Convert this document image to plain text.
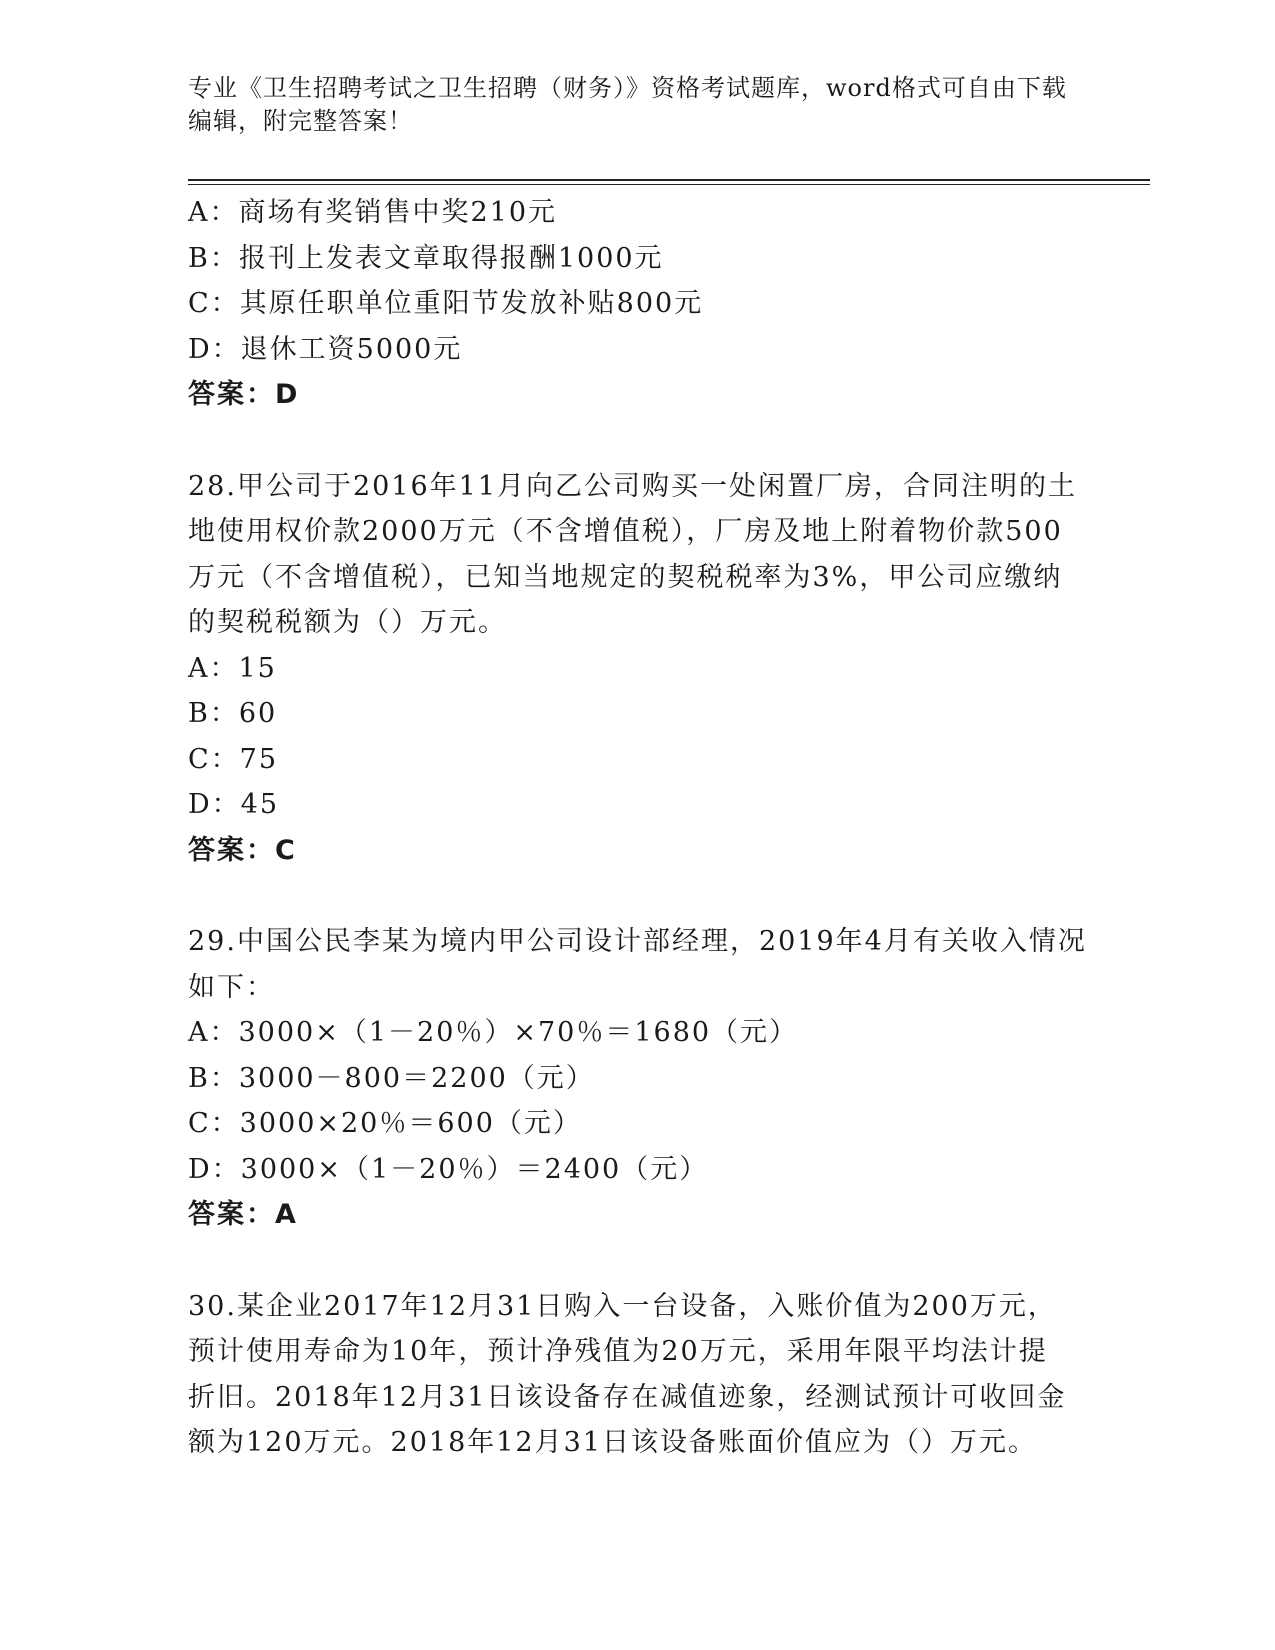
专业《卫生招聘考试之卫生招聘（财务）》资格考试题库，word格式可自由下载
编辑，附完整答案！
A：商场有奖销售中奖210元
B：报刊上发表文章取得报酬1000元
C：其原任职单位重阳节发放补贴800元
D：退休工资5000元
答案：D
28.甲公司于2016年11月向乙公司购买一处闲置厂房，合同注明的土
地使用权价款2000万元（不含增值税），厂房及地上附着物价款500
万元（不含增值税），已知当地规定的契税税率为3%，甲公司应缴纳
的契税税额为（）万元。
A：15
B：60
C：75
D：45
答案：C
29.中国公民李某为境内甲公司设计部经理，2019年4月有关收入情况
如下：
A：3000×（1－20％）×70％＝1680（元）
B：3000－800＝2200（元）
C：3000×20％＝600（元）
D：3000×（1－20％）＝2400（元）
答案：A
30.某企业2017年12月31日购入一台设备，入账价值为200万元，
预计使用寿命为10年，预计净残值为20万元，采用年限平均法计提
折旧。2018年12月31日该设备存在减值迹象，经测试预计可收回金
额为120万元。2018年12月31日该设备账面价值应为（）万元。
